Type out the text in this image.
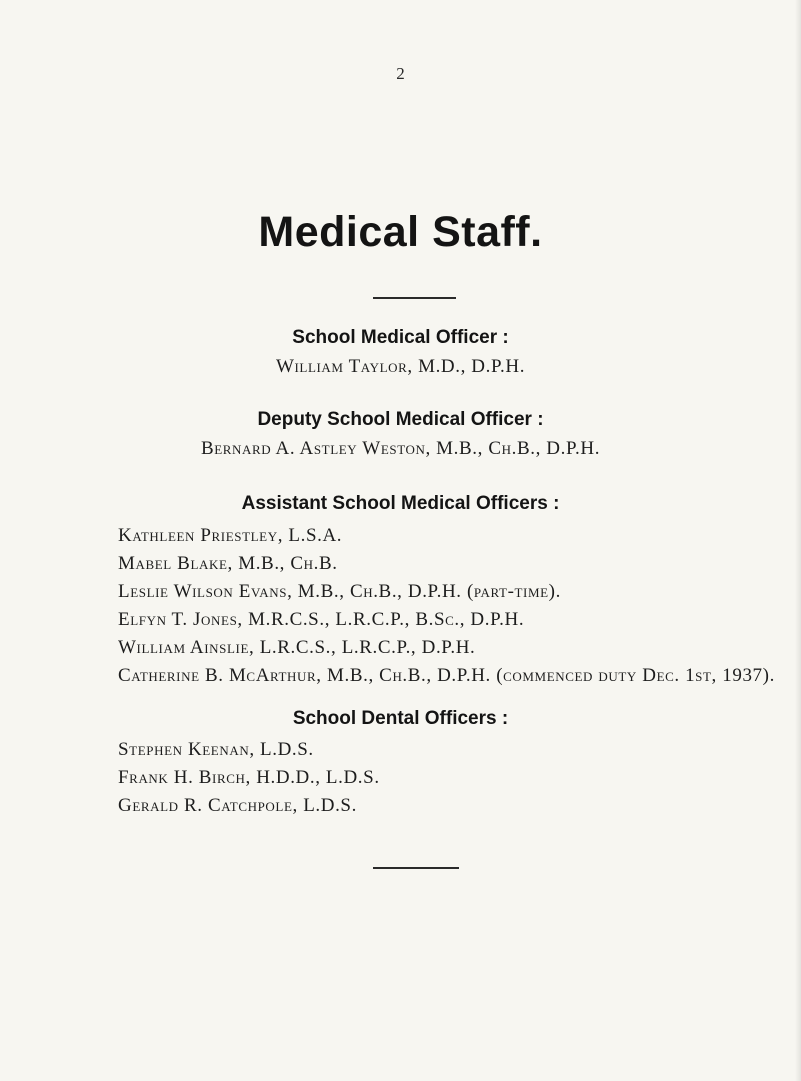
2
Medical Staff.
School Medical Officer :
William Taylor, M.D., D.P.H.
Deputy School Medical Officer :
Bernard A. Astley Weston, M.B., Ch.B., D.P.H.
Assistant School Medical Officers :
Kathleen Priestley, L.S.A.
Mabel Blake, M.B., Ch.B.
Leslie Wilson Evans, M.B., Ch.B., D.P.H. (part-time).
Elfyn T. Jones, M.R.C.S., L.R.C.P., B.Sc., D.P.H.
William Ainslie, L.R.C.S., L.R.C.P., D.P.H.
Catherine B. McArthur, M.B., Ch.B., D.P.H. (commenced duty Dec. 1st, 1937).
School Dental Officers :
Stephen Keenan, L.D.S.
Frank H. Birch, H.D.D., L.D.S.
Gerald R. Catchpole, L.D.S.
